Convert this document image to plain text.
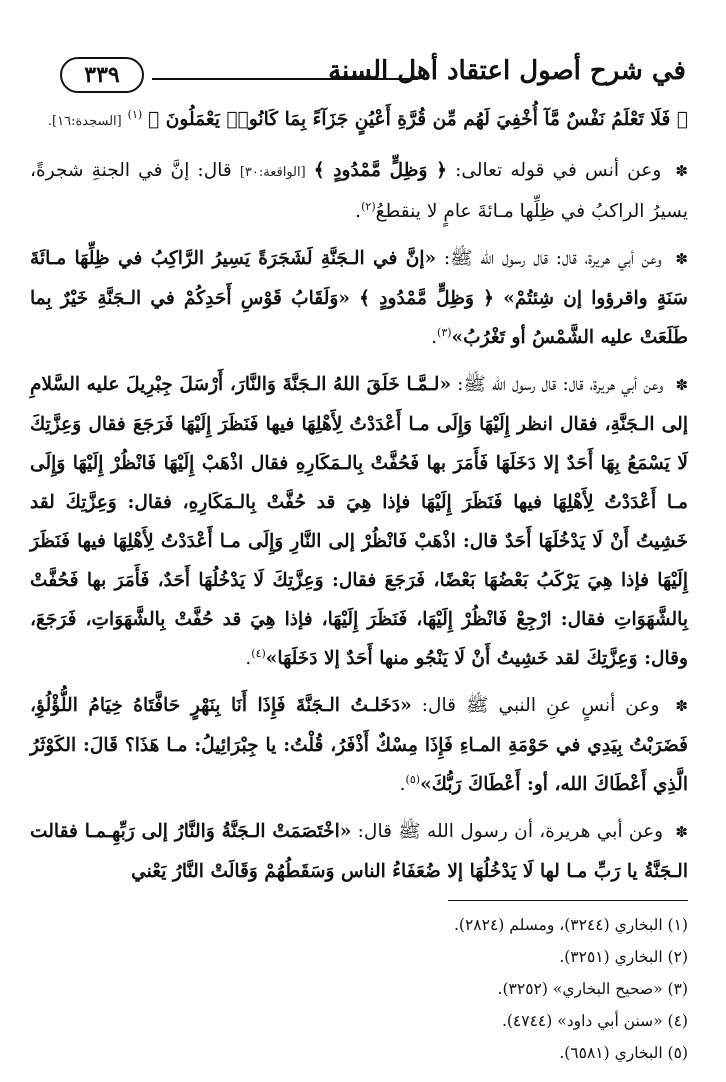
في شرح أصول اعتقاد أهل السنة
٣٣٩

﴿ فَلَا تَعْلَمُ نَفْسٌ مَّآ أُخْفِيَ لَهُم مِّن قُرَّةِ أَعْيُنٍ جَزَآءً بِمَا كَانُوا۟ يَعْمَلُونَ ﴾ $^{(١)}$ [السجدة:١٦].

✽ وعن أنس في قوله تعالى: ﴿ وَظِلٍّ مَّمْدُودٍ ﴾ [الواقعة:٣٠] قال: إنَّ في الجنةِ شجرةً، يسيرُ الراكبُ في ظِلِّها مـائةَ عامٍ لا ينقطعُ$^{(٢)}$.

✽ وعن أبي هريرة، قال: قال رسول الله ﷺ: «إنَّ في الـجَنَّةِ لَشَجَرَةً يَسِيرُ الرَّاكِبُ في ظِلِّهَا مـائَةَ سَنَةٍ واقرؤوا إن شِئتُمْ» ﴿ وَظِلٍّ مَّمْدُودٍ ﴾ «وَلَقَابُ قَوْسِ أَحَدِكُمْ في الـجَنَّةِ خَيْرٌ بِما طَلَعَتْ عليه الشَّمْسُ أو تَغْرُبُ»$^{(٣)}$.

✽ وعن أبي هريرة، قال: قال رسول الله ﷺ: «لـمَّـا خَلَقَ اللهُ الـجَنَّةَ وَالنَّارَ، أَرْسَلَ جِبْرِيلَ عليه السَّلامِ إلى الـجَنَّةِ، فقال انظر إِلَيْهَا وَإِلَى مـا أَعْدَدْتُ لِأَهْلِهَا فيها فَنَظَرَ إِلَيْهَا فَرَجَعَ فقال وَعِزَّتِكَ لَا يَسْمَعُ بِهَا أَحَدٌ إلا دَخَلَهَا فَأَمَرَ بها فَحُفَّتْ بِالـمَكَارِهِ فقال اذْهَبْ إِلَيْهَا فَانْظُرْ إِلَيْهَا وَإِلَى مـا أَعْدَدْتُ لِأَهْلِهَا فيها فَنَظَرَ إِلَيْهَا فإذا هِيَ قد حُفَّتْ بِالـمَكَارِهِ، فقال: وَعِزَّتِكَ لقد خَشِيتُ أَنْ لَا يَدْخُلَهَا أَحَدٌ قال: اذْهَبْ فَانْظُرْ إلى النَّارِ وَإِلَى مـا أَعْدَدْتُ لِأَهْلِهَا فيها فَنَظَرَ إِلَيْهَا فإذا هِيَ يَرْكَبُ بَعْضُهَا بَعْضًا، فَرَجَعَ فقال: وَعِزَّتِكَ لَا يَدْخُلُهَا أَحَدٌ، فَأَمَرَ بها فَحُفَّتْ بِالشَّهَوَاتِ فقال: ارْجِعْ فَانْظُرْ إِلَيْهَا، فَنَظَرَ إِلَيْهَا، فإذا هِيَ قد حُفَّتْ بِالشَّهَوَاتِ، فَرَجَعَ، وقال: وَعِزَّتِكَ لقد خَشِيتُ أَنْ لَا يَنْجُو منها أَحَدٌ إلا دَخَلَهَا»$^{(٤)}$.

✽ وعن أنسٍ عنِ النبي ﷺ قال: «دَخَلـتُ الـجَنَّةَ فَإِذَا أَنَا بِنَهْرٍ حَافَّتَاهُ خِيَامُ اللُّؤْلُؤِ، فَضَرَبْتُ بِيَدِي في حَوْمَةِ المـاءِ فَإِذَا مِسْكٌ أَذْفَرُ، قُلْتُ: يا جِبْرَائِيلُ: مـا هَذَا؟ قَالَ: الكَوْثَرُ الَّذِي أَعْطَاكَ الله، أو: أَعْطَاكَ رَبُّكَ»$^{(٥)}$.

✽ وعن أبي هريرة، أن رسول الله ﷺ قال: «اخْتَصَمَتْ الـجَنَّةُ وَالنَّارُ إلى رَبِّهِـمـا فقالت الـجَنَّةُ يا رَبِّ مـا لها لَا يَدْخُلُهَا إلا ضُعَفَاءُ الناس وَسَقَطُهُمْ وَقَالَتْ النَّارُ يَعْني

(١) البخاري (٣٢٤٤)، ومسلم (٢٨٢٤).
(٢) البخاري (٣٢٥١).
(٣) «صحيح البخاري» (٣٢٥٢).
(٤) «سنن أبي داود» (٤٧٤٤).
(٥) البخاري (٦٥٨١).
